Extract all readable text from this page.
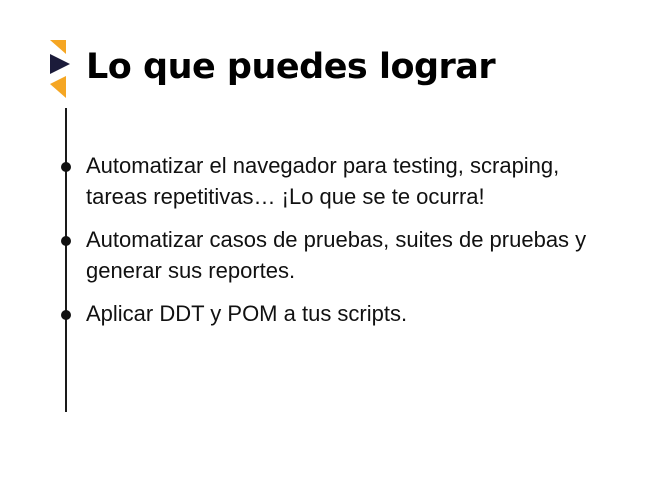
Lo que puedes lograr
Automatizar el navegador para testing, scraping, tareas repetitivas… ¡Lo que se te ocurra!
Automatizar casos de pruebas, suites de pruebas y generar sus reportes.
Aplicar DDT y POM a tus scripts.
